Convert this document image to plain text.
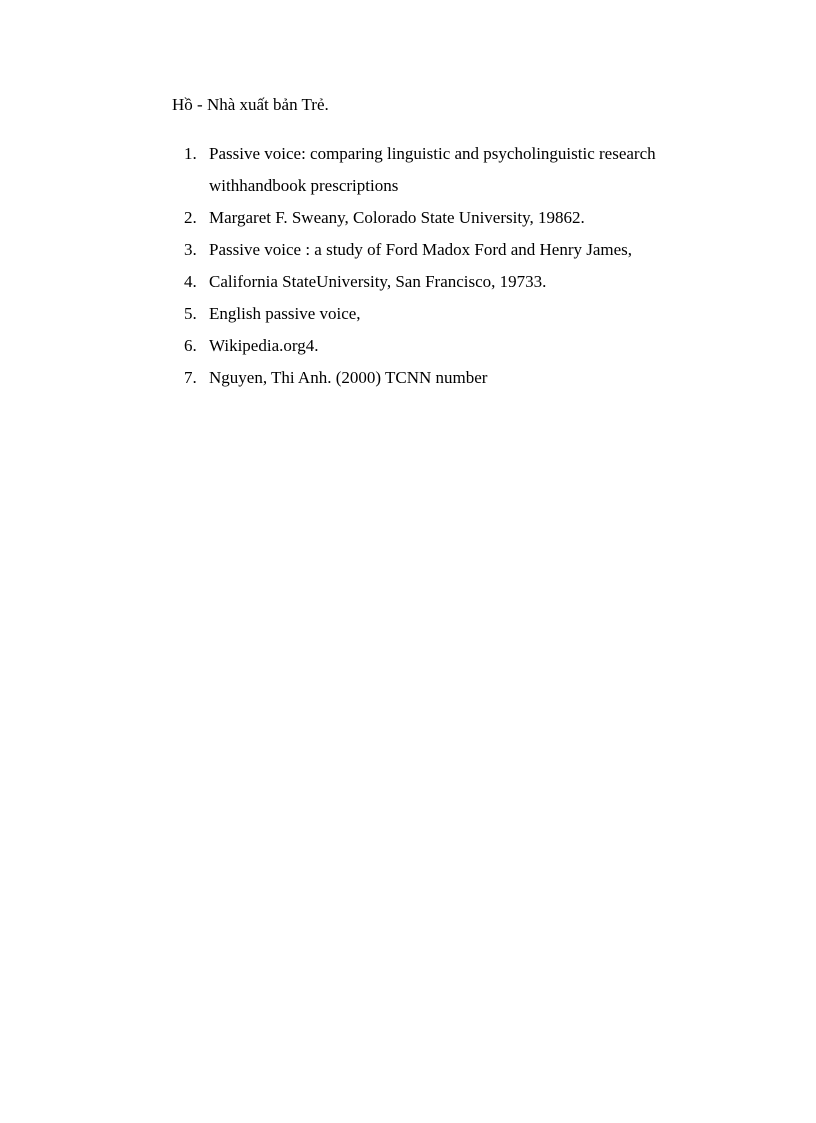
Hồ - Nhà xuất bản Trẻ.
1. Passive voice: comparing linguistic and psycholinguistic research withhandbook prescriptions
2. Margaret F. Sweany, Colorado State University, 19862.
3. Passive voice : a study of Ford Madox Ford and Henry James,
4. California StateUniversity, San Francisco, 19733.
5. English passive voice,
6. Wikipedia.org4.
7. Nguyen, Thi Anh. (2000) TCNN number
